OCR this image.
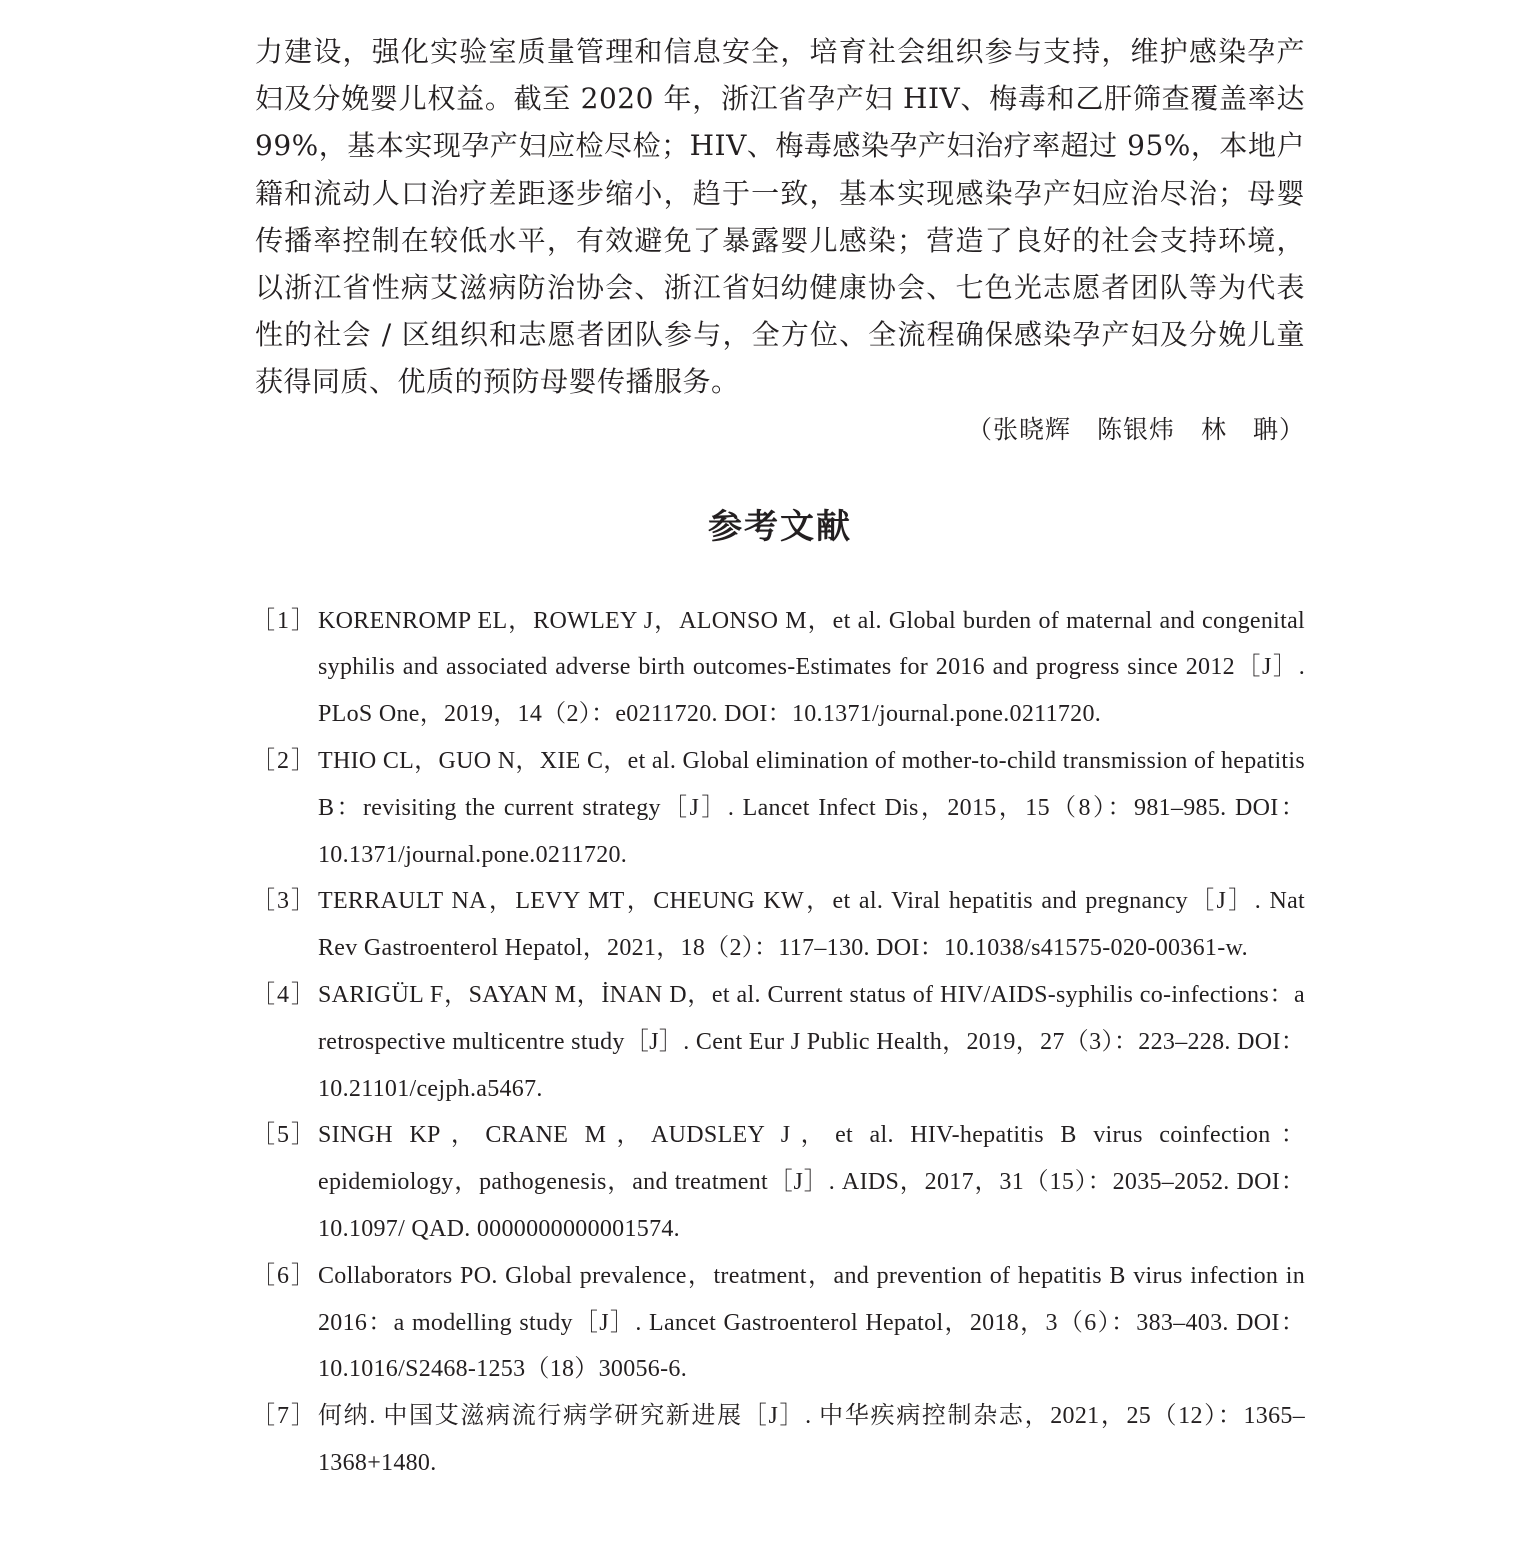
力建设，强化实验室质量管理和信息安全，培育社会组织参与支持，维护感染孕产妇及分娩婴儿权益。截至 2020 年，浙江省孕产妇 HIV、梅毒和乙肝筛查覆盖率达 99%，基本实现孕产妇应检尽检；HIV、梅毒感染孕产妇治疗率超过 95%，本地户籍和流动人口治疗差距逐步缩小，趋于一致，基本实现感染孕产妇应治尽治；母婴传播率控制在较低水平，有效避免了暴露婴儿感染；营造了良好的社会支持环境，以浙江省性病艾滋病防治协会、浙江省妇幼健康协会、七色光志愿者团队等为代表性的社会 / 区组织和志愿者团队参与，全方位、全流程确保感染孕产妇及分娩儿童获得同质、优质的预防母婴传播服务。

（张晓辉　陈银炜　林　聃）

参考文献
［1］ KORENROMP EL，ROWLEY J，ALONSO M，et al. Global burden of maternal and congenital syphilis and associated adverse birth outcomes-Estimates for 2016 and progress since 2012［J］. PLoS One，2019，14（2）：e0211720. DOI：10.1371/journal.pone.0211720.
［2］ THIO CL，GUO N，XIE C，et al. Global elimination of mother-to-child transmission of hepatitis B：revisiting the current strategy［J］. Lancet Infect Dis，2015，15（8）：981–985. DOI：10.1371/journal.pone.0211720.
［3］ TERRAULT NA，LEVY MT，CHEUNG KW，et al. Viral hepatitis and pregnancy［J］. Nat Rev Gastroenterol Hepatol，2021，18（2）：117–130. DOI：10.1038/s41575-020-00361-w.
［4］ SARIGÜL F，SAYAN M，İNAN D，et al. Current status of HIV/AIDS-syphilis co-infections：a retrospective multicentre study［J］. Cent Eur J Public Health，2019，27（3）：223–228. DOI：10.21101/cejph.a5467.
［5］ SINGH KP，CRANE M，AUDSLEY J，et al. HIV-hepatitis B virus coinfection：epidemiology，pathogenesis，and treatment［J］. AIDS，2017，31（15）：2035–2052. DOI：10.1097/ QAD. 0000000000001574.
［6］ Collaborators PO. Global prevalence，treatment，and prevention of hepatitis B virus infection in 2016：a modelling study［J］. Lancet Gastroenterol Hepatol，2018，3（6）：383–403. DOI：10.1016/S2468-1253（18）30056-6.
［7］ 何纳. 中国艾滋病流行病学研究新进展［J］. 中华疾病控制杂志，2021，25（12）：1365–1368+1480.
